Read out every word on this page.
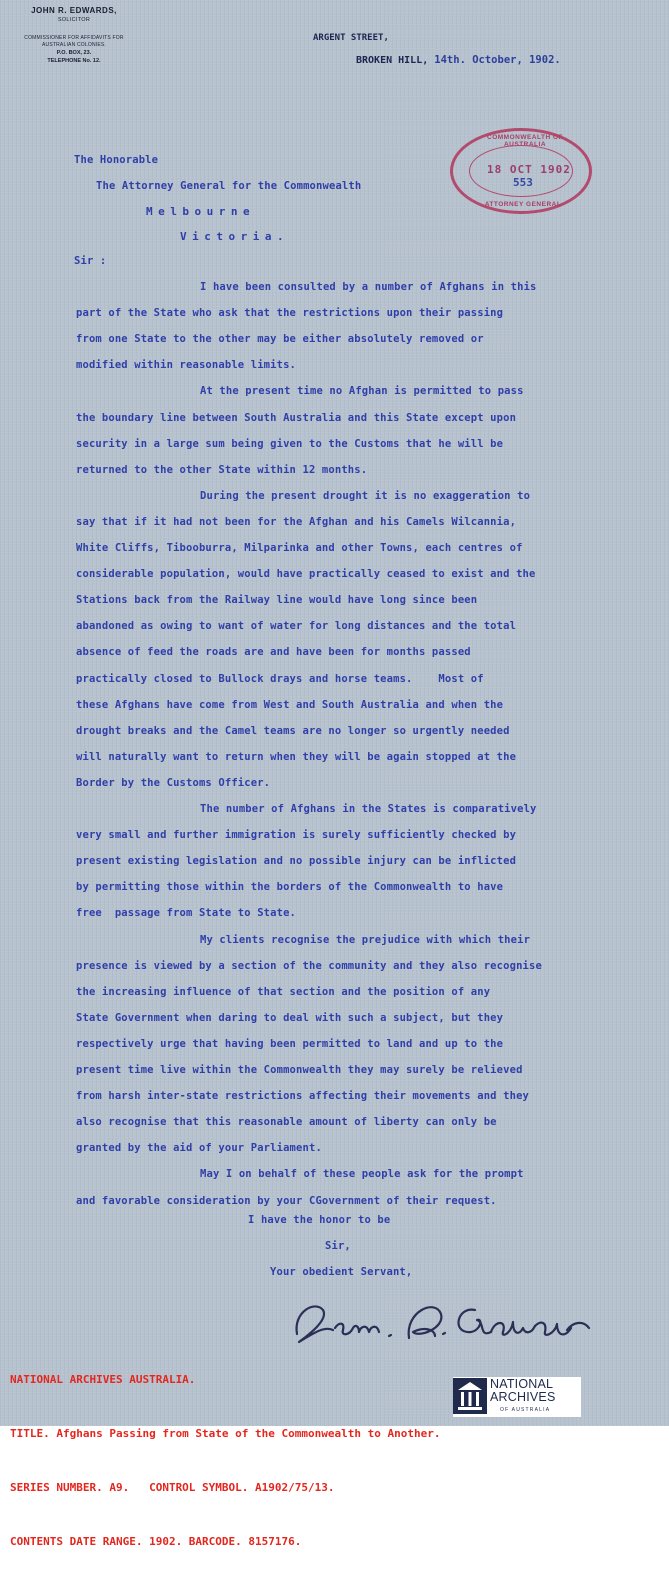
JOHN R. EDWARDS,
SOLICITOR
COMMISSIONER FOR AFFIDAVITS FOR
AUSTRALIAN COLONIES.
P.O. BOX, 23.
TELEPHONE No. 12.
ARGENT STREET,
BROKEN HILL, 14th. October, 1902.
COMMONWEALTH OF AUSTRALIA
18 OCT 1902
553
ATTORNEY GENERAL
The Honorable
The Attorney General for the Commonwealth
Melbourne
Victoria.
Sir :
I have been consulted by a number of Afghans in this
part of the State who ask that the restrictions upon their passing
from one State to the other may be either absolutely removed or
modified within reasonable limits.
At the present time no Afghan is permitted to pass
the boundary line between South Australia and this State except upon
security in a large sum being given to the Customs that he will be
returned to the other State within 12 months.
During the present drought it is no exaggeration to
say that if it had not been for the Afghan and his Camels Wilcannia,
White Cliffs, Tibooburra, Milparinka and other Towns, each centres of
considerable population, would have practically ceased to exist and the
Stations back from the Railway line would have long since been
abandoned as owing to want of water for long distances and the total
absence of feed the roads are and have been for months passed
practically closed to Bullock drays and horse teams.    Most of
these Afghans have come from West and South Australia and when the
drought breaks and the Camel teams are no longer so urgently needed
will naturally want to return when they will be again stopped at the
Border by the Customs Officer.
The number of Afghans in the States is comparatively
very small and further immigration is surely sufficiently checked by
present existing legislation and no possible injury can be inflicted
by permitting those within the borders of the Commonwealth to have
free  passage from State to State.
My clients recognise the prejudice with which their
presence is viewed by a section of the community and they also recognise
the increasing influence of that section and the position of any
State Government when daring to deal with such a subject, but they
respectively urge that having been permitted to land and up to the
present time live within the Commonwealth they may surely be relieved
from harsh inter-state restrictions affecting their movements and they
also recognise that this reasonable amount of liberty can only be
granted by the aid of your Parliament.
May I on behalf of these people ask for the prompt
and favorable consideration by your CGovernment of their request.
I have the honor to be
Sir,
Your obedient Servant,

NATIONAL ARCHIVES AUSTRALIA.

TITLE. Afghans Passing from State of the Commonwealth to Another.

SERIES NUMBER. A9.   CONTROL SYMBOL. A1902/75/13.

CONTENTS DATE RANGE. 1902. BARCODE. 8157176.

NATIONAL
ARCHIVES
OF AUSTRALIA
